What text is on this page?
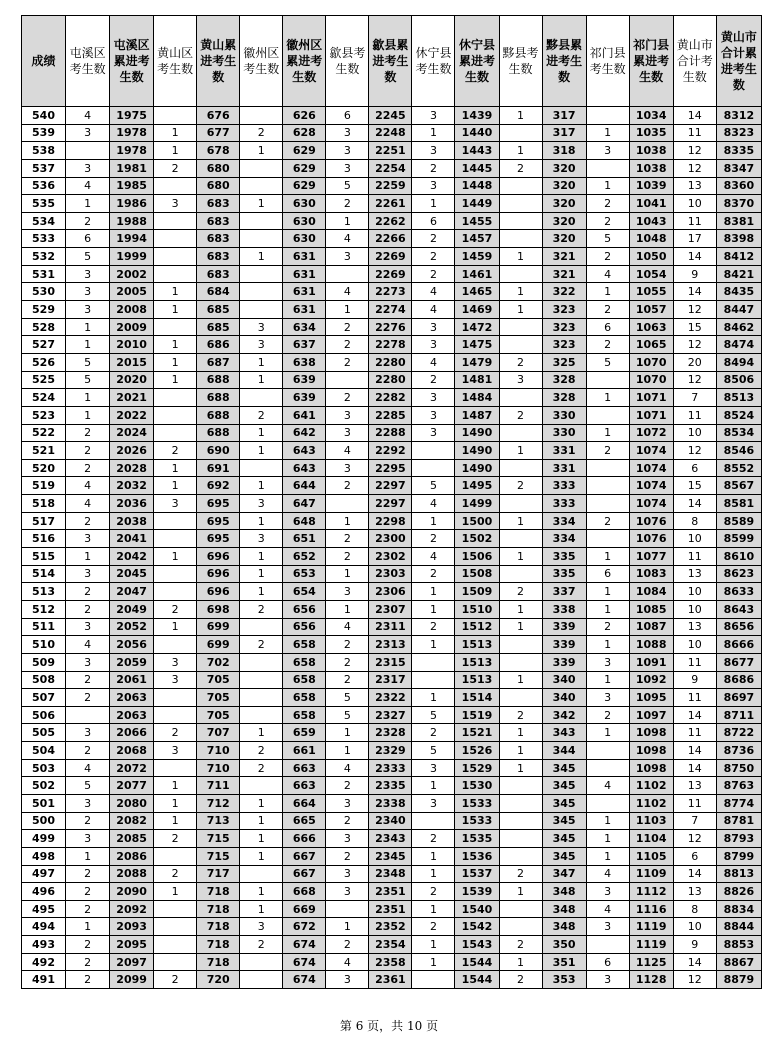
成绩	屯溪区考生数	屯溪区累进考生数	黄山区考生数	黄山累进考生数	徽州区考生数	徽州区累进考生数	歙县考生数	歙县累进考生数	休宁县考生数	休宁县累进考生数	黟县考生数	黟县累进考生数	祁门县考生数	祁门县累进考生数	黄山市合计考生数	黄山市合计累进考生数
540	4	1975		676		626	6	2245	3	1439	1	317		1034	14	8312
539	3	1978	1	677	2	628	3	2248	1	1440		317	1	1035	11	8323
538		1978	1	678	1	629	3	2251	3	1443	1	318	3	1038	12	8335
537	3	1981	2	680		629	3	2254	2	1445	2	320		1038	12	8347
536	4	1985		680		629	5	2259	3	1448		320	1	1039	13	8360
535	1	1986	3	683	1	630	2	2261	1	1449		320	2	1041	10	8370
534	2	1988		683		630	1	2262	6	1455		320	2	1043	11	8381
533	6	1994		683		630	4	2266	2	1457		320	5	1048	17	8398
532	5	1999		683	1	631	3	2269	2	1459	1	321	2	1050	14	8412
531	3	2002		683		631		2269	2	1461		321	4	1054	9	8421
530	3	2005	1	684		631	4	2273	4	1465	1	322	1	1055	14	8435
529	3	2008	1	685		631	1	2274	4	1469	1	323	2	1057	12	8447
528	1	2009		685	3	634	2	2276	3	1472		323	6	1063	15	8462
527	1	2010	1	686	3	637	2	2278	3	1475		323	2	1065	12	8474
526	5	2015	1	687	1	638	2	2280	4	1479	2	325	5	1070	20	8494
525	5	2020	1	688	1	639		2280	2	1481	3	328		1070	12	8506
524	1	2021		688		639	2	2282	3	1484		328	1	1071	7	8513
523	1	2022		688	2	641	3	2285	3	1487	2	330		1071	11	8524
522	2	2024		688	1	642	3	2288	3	1490		330	1	1072	10	8534
521	2	2026	2	690	1	643	4	2292		1490	1	331	2	1074	12	8546
520	2	2028	1	691		643	3	2295		1490		331		1074	6	8552
519	4	2032	1	692	1	644	2	2297	5	1495	2	333		1074	15	8567
518	4	2036	3	695	3	647		2297	4	1499		333		1074	14	8581
517	2	2038		695	1	648	1	2298	1	1500	1	334	2	1076	8	8589
516	3	2041		695	3	651	2	2300	2	1502		334		1076	10	8599
515	1	2042	1	696	1	652	2	2302	4	1506	1	335	1	1077	11	8610
514	3	2045		696	1	653	1	2303	2	1508		335	6	1083	13	8623
513	2	2047		696	1	654	3	2306	1	1509	2	337	1	1084	10	8633
512	2	2049	2	698	2	656	1	2307	1	1510	1	338	1	1085	10	8643
511	3	2052	1	699		656	4	2311	2	1512	1	339	2	1087	13	8656
510	4	2056		699	2	658	2	2313	1	1513		339	1	1088	10	8666
509	3	2059	3	702		658	2	2315		1513		339	3	1091	11	8677
508	2	2061	3	705		658	2	2317		1513	1	340	1	1092	9	8686
507	2	2063		705		658	5	2322	1	1514		340	3	1095	11	8697
506		2063		705		658	5	2327	5	1519	2	342	2	1097	14	8711
505	3	2066	2	707	1	659	1	2328	2	1521	1	343	1	1098	11	8722
504	2	2068	3	710	2	661	1	2329	5	1526	1	344		1098	14	8736
503	4	2072		710	2	663	4	2333	3	1529	1	345		1098	14	8750
502	5	2077	1	711		663	2	2335	1	1530		345	4	1102	13	8763
501	3	2080	1	712	1	664	3	2338	3	1533		345		1102	11	8774
500	2	2082	1	713	1	665	2	2340		1533		345	1	1103	7	8781
499	3	2085	2	715	1	666	3	2343	2	1535		345	1	1104	12	8793
498	1	2086		715	1	667	2	2345	1	1536		345	1	1105	6	8799
497	2	2088	2	717		667	3	2348	1	1537	2	347	4	1109	14	8813
496	2	2090	1	718	1	668	3	2351	2	1539	1	348	3	1112	13	8826
495	2	2092		718	1	669		2351	1	1540		348	4	1116	8	8834
494	1	2093		718	3	672	1	2352	2	1542		348	3	1119	10	8844
493	2	2095		718	2	674	2	2354	1	1543	2	350		1119	9	8853
492	2	2097		718		674	4	2358	1	1544	1	351	6	1125	14	8867
491	2	2099	2	720		674	3	2361		1544	2	353	3	1128	12	8879
第 6 页，共 10 页
